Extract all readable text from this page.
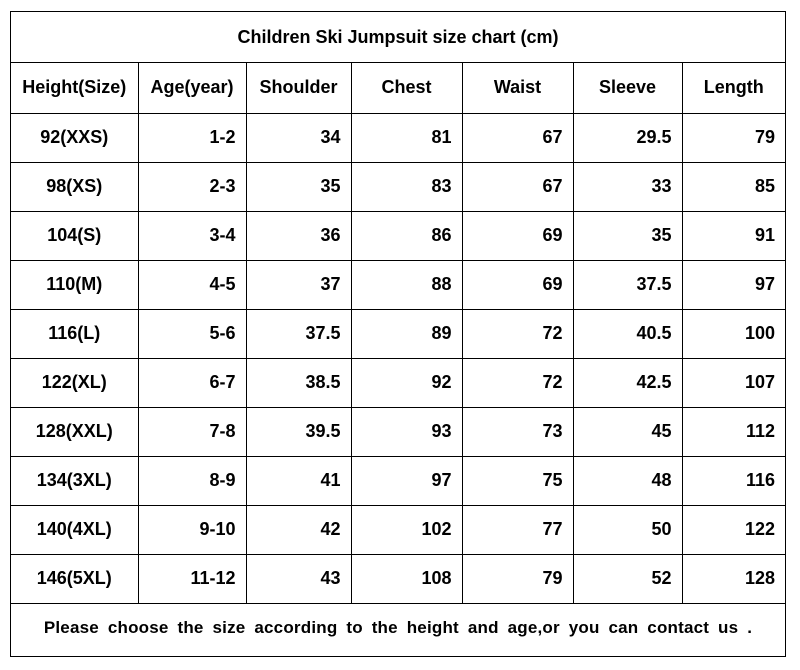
Children Ski Jumpsuit size chart (cm)
Height(Size)	Age(year)	Shoulder	Chest	Waist	Sleeve	Length
92(XXS)	1-2	34	81	67	29.5	79
98(XS)	2-3	35	83	67	33	85
104(S)	3-4	36	86	69	35	91
110(M)	4-5	37	88	69	37.5	97
116(L)	5-6	37.5	89	72	40.5	100
122(XL)	6-7	38.5	92	72	42.5	107
128(XXL)	7-8	39.5	93	73	45	112
134(3XL)	8-9	41	97	75	48	116
140(4XL)	9-10	42	102	77	50	122
146(5XL)	11-12	43	108	79	52	128
Please choose the size according to the height and age,or you can contact us .
